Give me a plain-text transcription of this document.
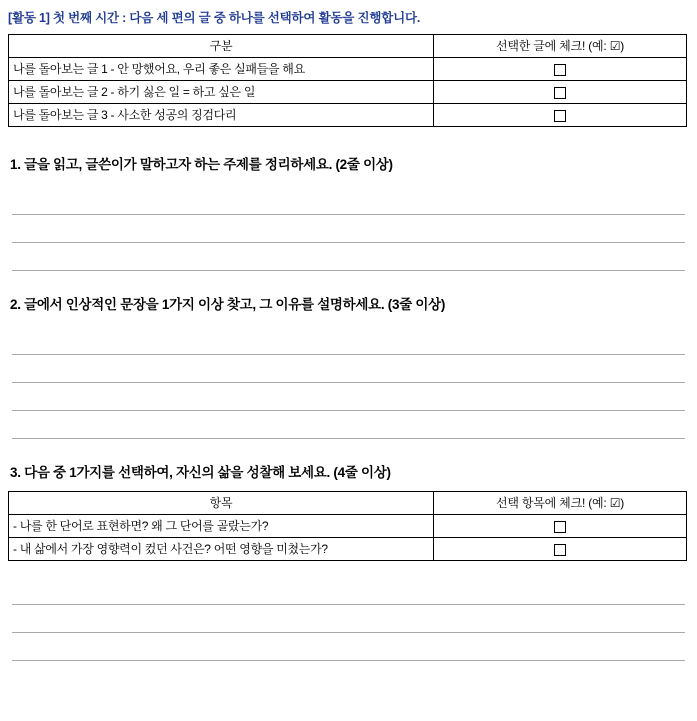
[활동 1] 첫 번째 시간 : 다음 세 편의 글 중 하나를 선택하여 활동을 진행합니다.
구분	선택한 글에 체크! (예: ☑)
나를 돌아보는 글 1 - 안 망했어요, 우리 좋은 실패들을 해요	
나를 돌아보는 글 2 - 하기 싫은 일 = 하고 싶은 일	
나를 돌아보는 글 3 - 사소한 성공의 징검다리	
1. 글을 읽고, 글쓴이가 말하고자 하는 주제를 정리하세요. (2줄 이상)
2. 글에서 인상적인 문장을 1가지 이상 찾고, 그 이유를 설명하세요. (3줄 이상)
3. 다음 중 1가지를 선택하여, 자신의 삶을 성찰해 보세요. (4줄 이상)
항목	선택 항목에 체크! (예: ☑)
- 나를 한 단어로 표현하면? 왜 그 단어를 골랐는가?	
- 내 삶에서 가장 영향력이 컸던 사건은? 어떤 영향을 미쳤는가?	
